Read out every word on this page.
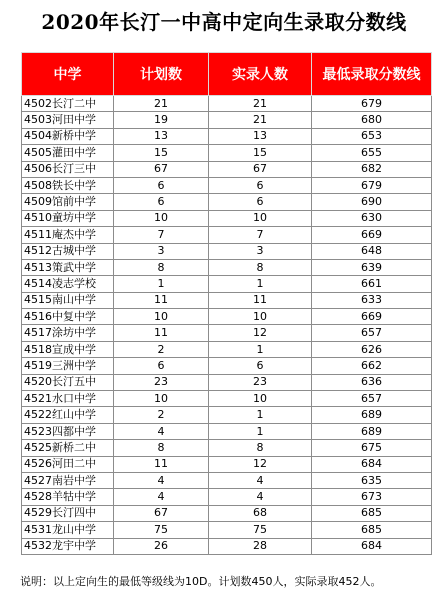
2020年长汀一中高中定向生录取分数线
中学	计划数	实录人数	最低录取分数线
4502长汀二中	21	21	679
4503河田中学	19	21	680
4504新桥中学	13	13	653
4505灌田中学	15	15	655
4506长汀三中	67	67	682
4508铁长中学	6	6	679
4509馆前中学	6	6	690
4510童坊中学	10	10	630
4511庵杰中学	7	7	669
4512古城中学	3	3	648
4513策武中学	8	8	639
4514凌志学校	1	1	661
4515南山中学	11	11	633
4516中复中学	10	10	669
4517涂坊中学	11	12	657
4518宣成中学	2	1	626
4519三洲中学	6	6	662
4520长汀五中	23	23	636
4521水口中学	10	10	657
4522红山中学	2	1	689
4523四都中学	4	1	689
4525新桥二中	8	8	675
4526河田二中	11	12	684
4527南岩中学	4	4	635
4528羊牯中学	4	4	673
4529长汀四中	67	68	685
4531龙山中学	75	75	685
4532龙宇中学	26	28	684
说明：以上定向生的最低等级线为10D。计划数450人，实际录取452人。
